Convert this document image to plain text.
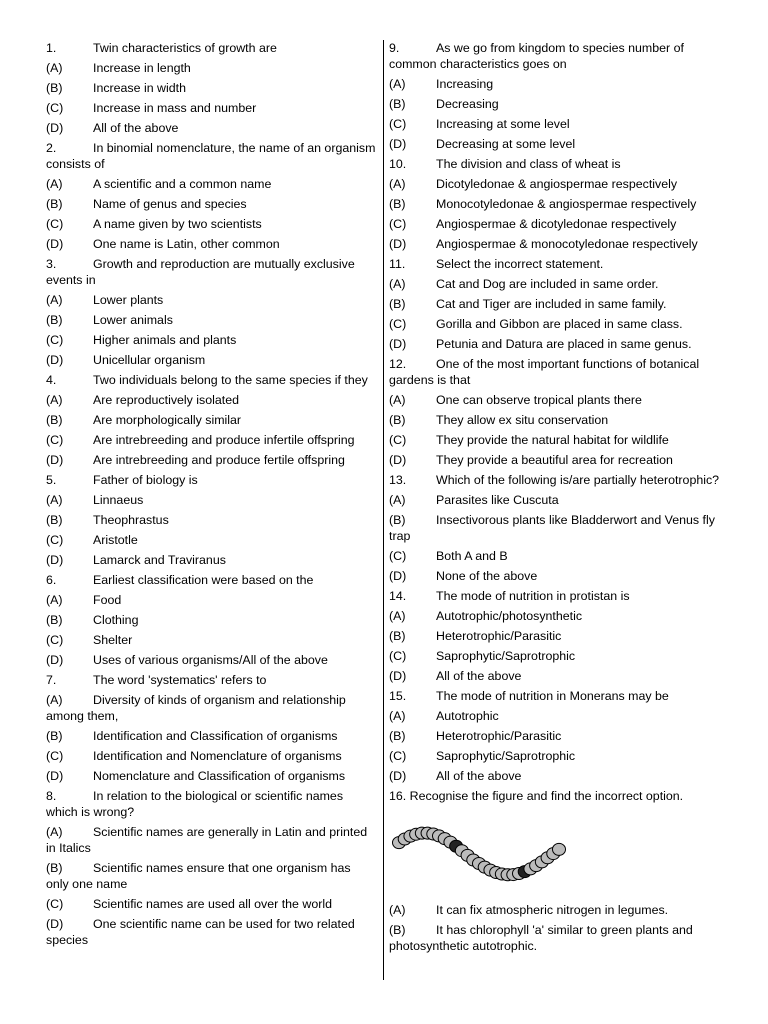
1.	Twin characteristics of growth are
(A)	Increase in length
(B)	Increase in width
(C)	Increase in mass and number
(D)	All of the above
2.	In binomial nomenclature, the name of an organism consists of
(A)	A scientific and a common name
(B)	Name of genus and species
(C)	A name given by two scientists
(D)	One name is Latin, other common
3.	Growth and reproduction are mutually exclusive events in
(A)	Lower plants
(B)	Lower animals
(C)	Higher animals and plants
(D)	Unicellular organism
4.	Two individuals belong to the same species if they
(A)	Are reproductively isolated
(B)	Are morphologically similar
(C)	Are intrebreeding and produce infertile offspring
(D)	Are intrebreeding and produce fertile offspring
5.	Father of biology is
(A)	Linnaeus
(B)	Theophrastus
(C)	Aristotle
(D)	Lamarck and Traviranus
6.	Earliest classification were based on the
(A)	Food
(B)	Clothing
(C)	Shelter
(D)	Uses of various organisms/All of the above
7.	The word 'systematics' refers to
(A) Diversity of kinds of organism and relationship among them,
(B)	Identification and Classification of organisms
(C)	Identification and Nomenclature of organisms
(D)	Nomenclature and Classification of organisms
8.	In relation to the biological or scientific names which is wrong?
(A) Scientific names are generally in Latin and printed in Italics
(B) Scientific names ensure that one organism has only one name
(C)	Scientific names are used all over the world
(D) One scientific name can be used for two related species
9.	As we go from kingdom to species number of common characteristics goes on
(A)	Increasing
(B)	Decreasing
(C)	Increasing at some level
(D)	Decreasing at some level
10.	The division and class of wheat is
(A)	Dicotyledonae & angiospermae respectively
(B)	Monocotyledonae & angiospermae respectively
(C)	Angiospermae & dicotyledonae respectively
(D)	Angiospermae & monocotyledonae respectively
11.	Select the incorrect statement.
(A)	Cat and Dog are included in same order.
(B)	Cat and Tiger are included in same family.
(C)	Gorilla and Gibbon are placed in same class.
(D)	Petunia and Datura are placed in same genus.
12. One of the most important functions of botanical gardens is that
(A)	One can observe tropical plants there
(B)	They allow ex situ conservation
(C)	They provide the natural habitat for wildlife
(D)	They provide a beautiful area for recreation
13. Which of the following is/are partially heterotrophic?
(A)	Parasites like Cuscuta
(B) Insectivorous plants like Bladderwort and Venus fly trap
(C)	Both A and B
(D)	None of the above
14.	The mode of nutrition in protistan is
(A)	Autotrophic/photosynthetic
(B)	Heterotrophic/Parasitic
(C)	Saprophytic/Saprotrophic
(D)	All of the above
15.	The mode of nutrition in Monerans may be
(A)	Autotrophic
(B)	Heterotrophic/Parasitic
(C)	Saprophytic/Saprotrophic
(D)	All of the above
16. Recognise the figure and find the incorrect option.
(A)	It can fix atmospheric nitrogen in legumes.
(B) It has chlorophyll 'a' similar to green plants and photosynthetic autotrophic.
